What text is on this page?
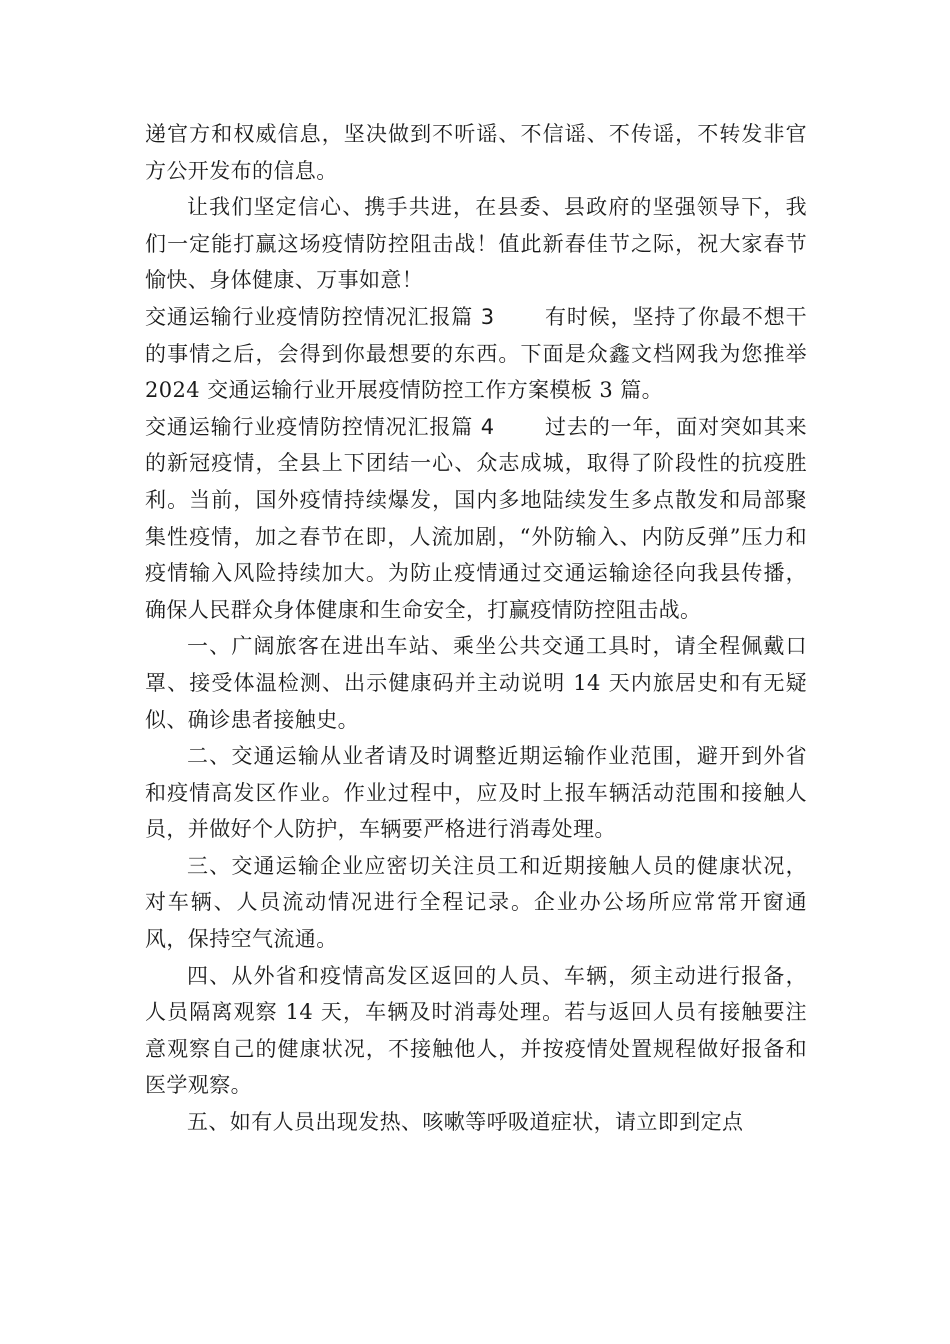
递官方和权威信息，坚决做到不听谣、不信谣、不传谣，不转发非官方公开发布的信息。

让我们坚定信心、携手共进，在县委、县政府的坚强领导下，我们一定能打赢这场疫情防控阻击战！值此新春佳节之际，祝大家春节愉快、身体健康、万事如意！

交通运输行业疫情防控情况汇报篇 3 有时候，坚持了你最不想干的事情之后，会得到你最想要的东西。下面是众鑫文档网我为您推举 2024 交通运输行业开展疫情防控工作方案模板 3 篇。

交通运输行业疫情防控情况汇报篇 4 过去的一年，面对突如其来的新冠疫情，全县上下团结一心、众志成城，取得了阶段性的抗疫胜利。当前，国外疫情持续爆发，国内多地陆续发生多点散发和局部聚集性疫情，加之春节在即，人流加剧，“外防输入、内防反弹”压力和疫情输入风险持续加大。为防止疫情通过交通运输途径向我县传播，确保人民群众身体健康和生命安全，打赢疫情防控阻击战。

一、广阔旅客在进出车站、乘坐公共交通工具时，请全程佩戴口罩、接受体温检测、出示健康码并主动说明 14 天内旅居史和有无疑似、确诊患者接触史。

二、交通运输从业者请及时调整近期运输作业范围，避开到外省和疫情高发区作业。作业过程中，应及时上报车辆活动范围和接触人员，并做好个人防护，车辆要严格进行消毒处理。

三、交通运输企业应密切关注员工和近期接触人员的健康状况，对车辆、人员流动情况进行全程记录。企业办公场所应常常开窗通风，保持空气流通。

四、从外省和疫情高发区返回的人员、车辆，须主动进行报备，人员隔离观察 14 天，车辆及时消毒处理。若与返回人员有接触要注意观察自己的健康状况，不接触他人，并按疫情处置规程做好报备和医学观察。

五、如有人员出现发热、咳嗽等呼吸道症状，请立即到定点
